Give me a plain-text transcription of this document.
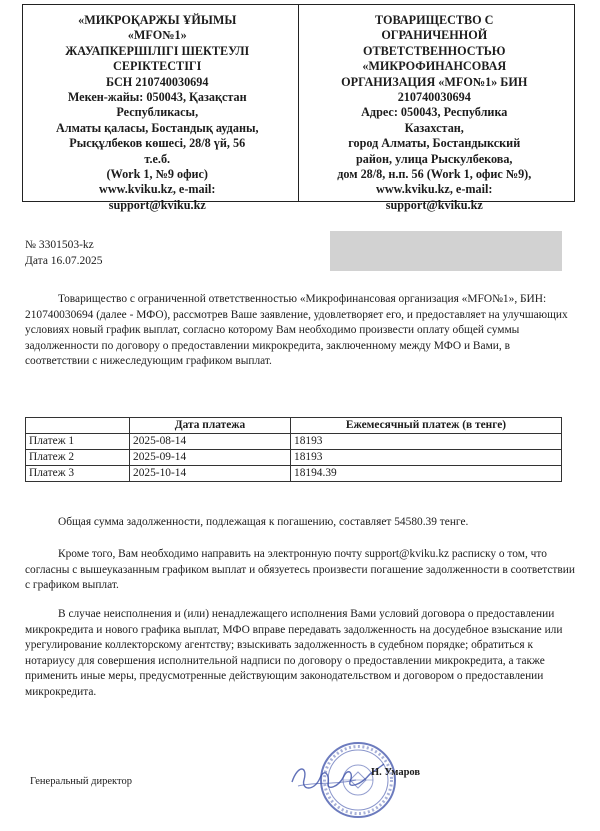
«МИКРОҚАРЖЫ ҰЙЫМЫ
«MFO№1»
ЖАУАПКЕРШІЛІГІ ШЕКТЕУЛІ
СЕРІКТЕСТІГІ
БСН 210740030694
Мекен-жайы: 050043, Қазақстан
Республикасы,
Алматы қаласы, Бостандық ауданы,
Рысқұлбеков көшесі, 28/8 үй, 56
т.е.б.
(Work 1, №9 офис)
www.kviku.kz, e-mail:
support@kviku.kz
ТОВАРИЩЕСТВО С
ОГРАНИЧЕННОЙ
ОТВЕТСТВЕННОСТЬЮ
«МИКРОФИНАНСОВАЯ
ОРГАНИЗАЦИЯ «MFO№1» БИН
210740030694
Адрес: 050043, Республика
Казахстан,
город Алматы, Бостандыкский
район, улица Рыскулбекова,
дом 28/8, н.п. 56 (Work 1, офис №9),
www.kviku.kz, e-mail:
support@kviku.kz
№ 3301503-kz
Дата 16.07.2025
Товарищество с ограниченной ответственностью «Микрофинансовая организация «MFO№1», БИН: 210740030694 (далее - МФО), рассмотрев Ваше заявление, удовлетворяет его, и предоставляет на улучшающих условиях новый график выплат, согласно которому Вам необходимо произвести оплату общей суммы задолженности по договору о предоставлении микрокредита, заключенному между МФО и Вами, в соответствии с нижеследующим графиком выплат.
	Дата платежа	Ежемесячный платеж (в тенге)
Платеж 1	2025-08-14	18193
Платеж 2	2025-09-14	18193
Платеж 3	2025-10-14	18194.39
Общая сумма задолженности, подлежащая к погашению, составляет 54580.39 тенге.
Кроме того, Вам необходимо направить на электронную почту support@kviku.kz расписку о том, что согласны с вышеуказанным графиком выплат и обязуетесь произвести погашение задолженности в соответствии с графиком выплат.
В случае неисполнения и (или) ненадлежащего исполнения Вами условий договора о предоставлении микрокредита и нового графика выплат, МФО вправе передавать задолженность на досудебное взыскание или урегулирование коллекторскому агентству; взыскивать задолженность в судебном порядке; обратиться к нотариусу для совершения исполнительной надписи по договору о предоставлении микрокредита, а также применить иные меры, предусмотренные действующим законодательством и договором о предоставлении микрокредита.
Генеральный директор
Н. Умаров
